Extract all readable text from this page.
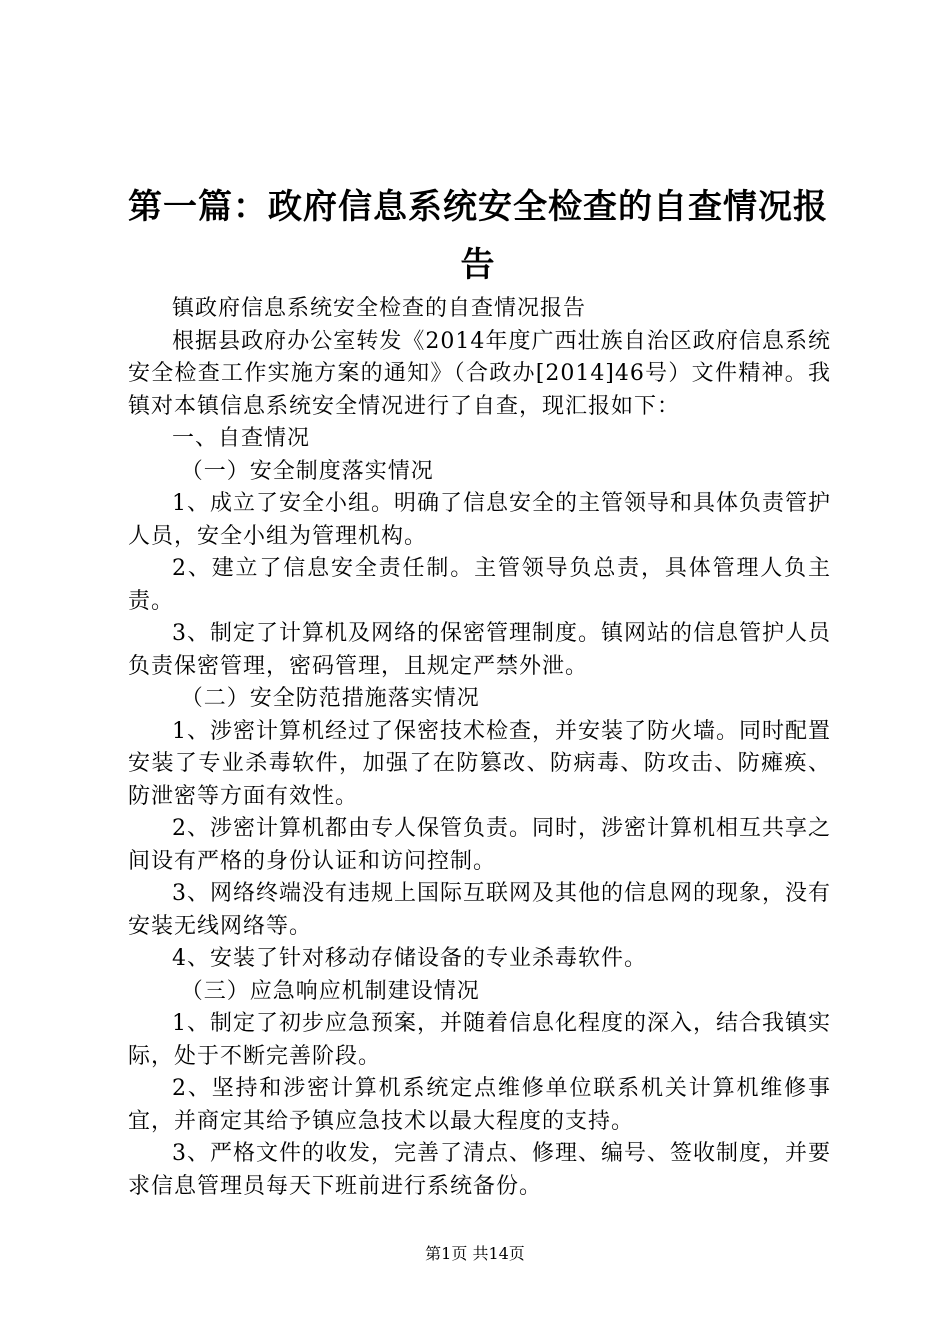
第一篇：政府信息系统安全检查的自查情况报告

镇政府信息系统安全检查的自查情况报告

根据县政府办公室转发《2014年度广西壮族自治区政府信息系统安全检查工作实施方案的通知》（合政办[2014]46号）文件精神。我镇对本镇信息系统安全情况进行了自查，现汇报如下：

一、自查情况

（一）安全制度落实情况

1、成立了安全小组。明确了信息安全的主管领导和具体负责管护人员，安全小组为管理机构。

2、建立了信息安全责任制。主管领导负总责，具体管理人负主责。

3、制定了计算机及网络的保密管理制度。镇网站的信息管护人员负责保密管理，密码管理，且规定严禁外泄。

（二）安全防范措施落实情况

1、涉密计算机经过了保密技术检查，并安装了防火墙。同时配置安装了专业杀毒软件，加强了在防篡改、防病毒、防攻击、防瘫痪、防泄密等方面有效性。

2、涉密计算机都由专人保管负责。同时，涉密计算机相互共享之间设有严格的身份认证和访问控制。

3、网络终端没有违规上国际互联网及其他的信息网的现象，没有安装无线网络等。

4、安装了针对移动存储设备的专业杀毒软件。

（三）应急响应机制建设情况

1、制定了初步应急预案，并随着信息化程度的深入，结合我镇实际，处于不断完善阶段。

2、坚持和涉密计算机系统定点维修单位联系机关计算机维修事宜，并商定其给予镇应急技术以最大程度的支持。

3、严格文件的收发，完善了清点、修理、编号、签收制度，并要求信息管理员每天下班前进行系统备份。

第1页 共14页
